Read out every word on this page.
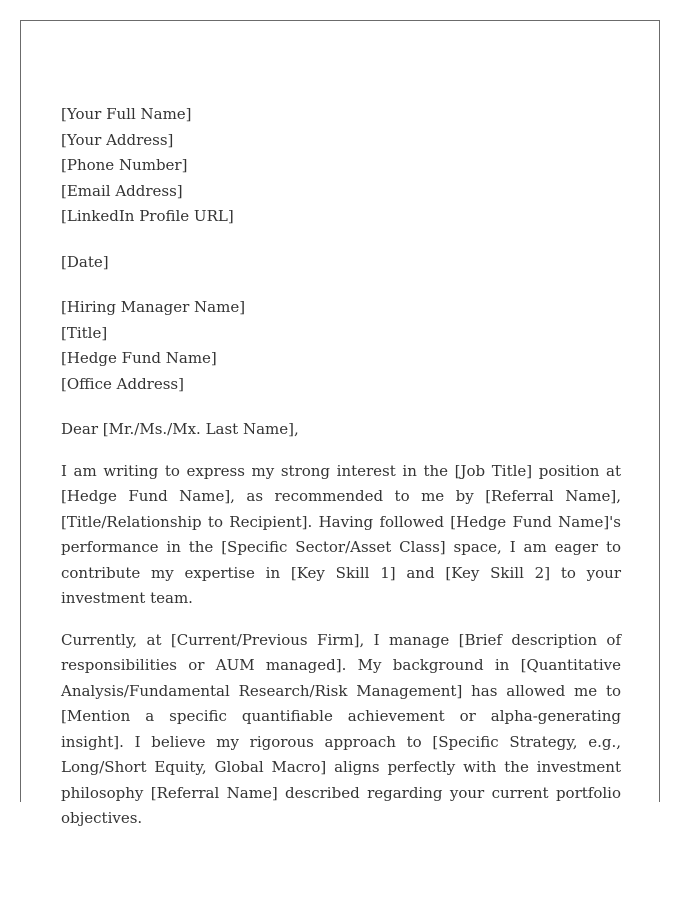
[Your Full Name]
[Your Address]
[Phone Number]
[Email Address]
[LinkedIn Profile URL]
[Date]
[Hiring Manager Name]
[Title]
[Hedge Fund Name]
[Office Address]
Dear [Mr./Ms./Mx. Last Name],

I am writing to express my strong interest in the [Job Title] position at [Hedge Fund Name], as recommended to me by [Referral Name], [Title/Relationship to Recipient]. Having followed [Hedge Fund Name]'s performance in the [Specific Sector/Asset Class] space, I am eager to contribute my expertise in [Key Skill 1] and [Key Skill 2] to your investment team.

Currently, at [Current/Previous Firm], I manage [Brief description of responsibilities or AUM managed]. My background in [Quantitative Analysis/Fundamental Research/Risk Management] has allowed me to [Mention a specific quantifiable achievement or alpha-generating insight]. I believe my rigorous approach to [Specific Strategy, e.g., Long/Short Equity, Global Macro] aligns perfectly with the investment philosophy [Referral Name] described regarding your current portfolio objectives.
